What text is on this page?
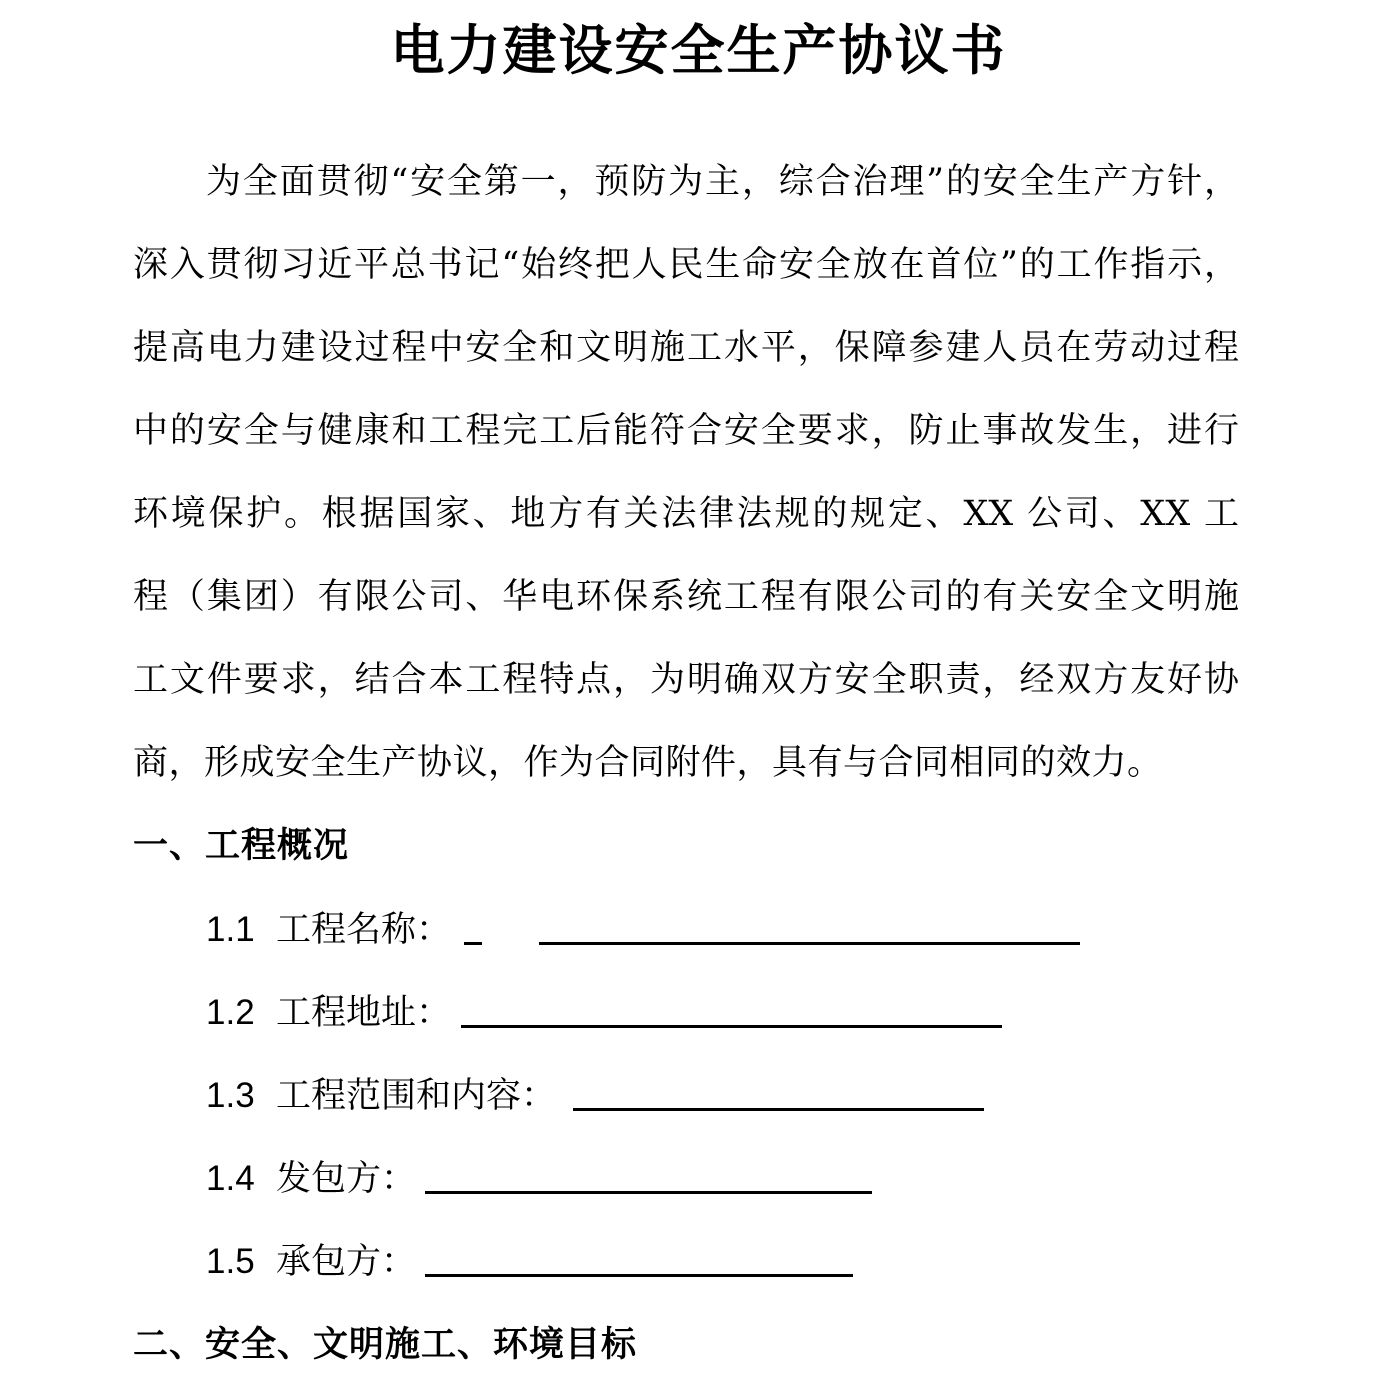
电力建设安全生产协议书
为全面贯彻“安全第一，预防为主，综合治理”的安全生产方针，
深入贯彻习近平总书记“始终把人民生命安全放在首位”的工作指示，
提高电力建设过程中安全和文明施工水平，保障参建人员在劳动过程
中的安全与健康和工程完工后能符合安全要求，防止事故发生，进行
环境保护。根据国家、地方有关法律法规的规定、XX 公司、XX 工
程（集团）有限公司、华电环保系统工程有限公司的有关安全文明施
工文件要求，结合本工程特点，为明确双方安全职责，经双方友好协
商，形成安全生产协议，作为合同附件，具有与合同相同的效力。
一、工程概况
1.1 工程名称：
1.2 工程地址：
1.3 工程范围和内容：
1.4 发包方：
1.5 承包方：
二、安全、文明施工、环境目标
